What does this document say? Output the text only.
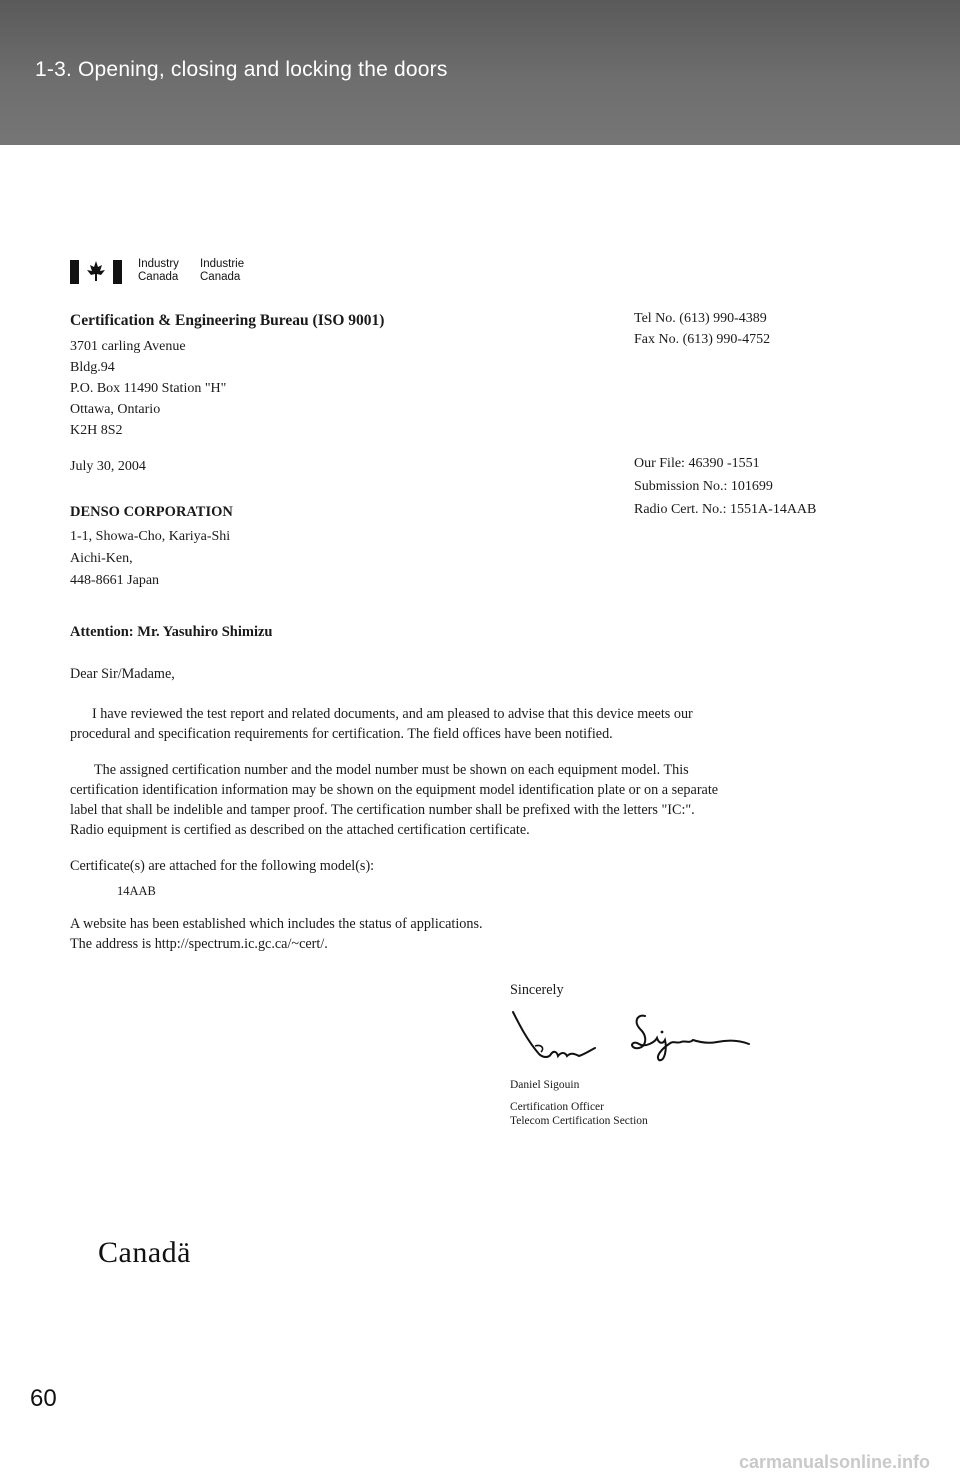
1-3. Opening, closing and locking the doors
Industry
Canada
Industrie
Canada
Certification & Engineering Bureau (ISO 9001)
3701 carling Avenue
Bldg.94
P.O. Box 11490 Station "H"
Ottawa, Ontario
K2H 8S2
Tel No. (613) 990-4389
Fax No. (613) 990-4752
July 30, 2004	Our File: 46390 -1551
Submission No.: 101699
Radio Cert. No.: 1551A-14AAB
DENSO CORPORATION
1-1, Showa-Cho, Kariya-Shi
Aichi-Ken,
448-8661 Japan
Attention: Mr. Yasuhiro Shimizu
Dear Sir/Madame,
I have reviewed the test report and related documents, and am pleased to advise that this device meets our
procedural and specification requirements for certification. The field offices have been notified.
The assigned certification number and the model number must be shown on each equipment model. This
certification identification information may be shown on the equipment model identification plate or on a separate
label that shall be indelible and tamper proof. The certification number shall be prefixed with the letters "IC:".
Radio equipment is certified as described on the attached certification certificate.
Certificate(s) are attached for the following model(s):
14AAB
A website has been established which includes the status of applications.
The address is http://spectrum.ic.gc.ca/~cert/.
Sincerely
Daniel Sigouin
Certification Officer
Telecom Certification Section
Canadä
60
carmanualsonline.info
